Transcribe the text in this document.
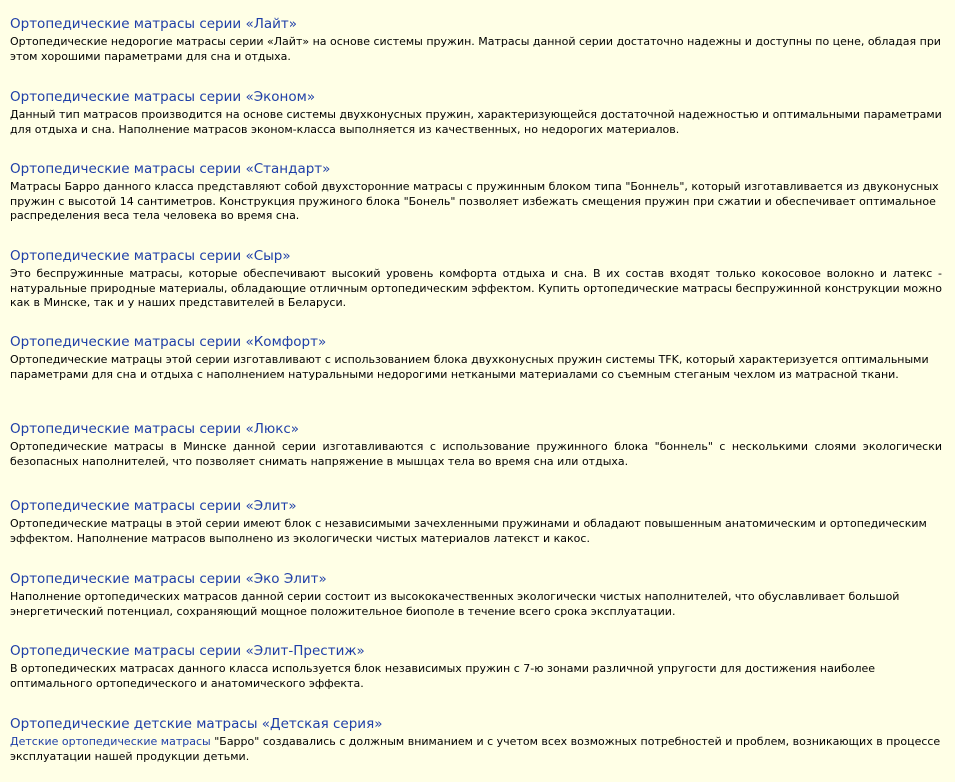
Ортопедические матрасы серии «Лайт»

Ортопедические недорогие матрасы серии «Лайт» на основе системы пружин. Матрасы данной серии достаточно надежны и доступны по цене, обладая при этом хорошими параметрами для сна и отдыха.

Ортопедические матрасы серии «Эконом»

Данный тип матрасов производится на основе системы двухконусных пружин, характеризующейся достаточной надежностью и оптимальными параметрами для отдыха и сна. Наполнение матрасов эконом-класса выполняется из качественных, но недорогих материалов.

Ортопедические матрасы серии «Стандарт»

Матрасы Барро данного класса представляют собой двухсторонние матрасы с пружинным блоком типа "Боннель", который изготавливается из двуконусных пружин с высотой 14 сантиметров. Конструкция пружиного блока "Бонель" позволяет избежать смещения пружин при сжатии и обеспечивает оптимальное распределения веса тела человека во время сна.

Ортопедические матрасы серии «Сыр»

Это беспружинные матрасы, которые обеспечивают высокий уровень комфорта отдыха и сна. В их состав входят только кокосовое волокно и латекс - натуральные природные материалы, обладающие отличным ортопедическим эффектом. Купить ортопедические матрасы беспружинной конструкции можно как в Минске, так и у наших представителей в Беларуси.

Ортопедические матрасы серии «Комфорт»

Ортопедические матрацы этой серии изготавливают с использованием блока двухконусных пружин системы TFK, который характеризуется оптимальными параметрами для сна и отдыха с наполнением натуральными недорогими неткаными материалами со съемным стеганым чехлом из матрасной ткани.

Ортопедические матрасы серии «Люкс»

Ортопедические матрасы в Минске данной серии изготавливаются с использование пружинного блока "боннель" с несколькими слоями экологически безопасных наполнителей, что позволяет снимать напряжение в мышцах тела во время сна или отдыха.

Ортопедические матрасы серии «Элит»

Ортопедические матрацы в этой серии имеют блок с независимыми зачехленными пружинами и обладают повышенным анатомическим и ортопедическим эффектом. Наполнение матрасов выполнено из экологически чистых материалов латекст и какос.

Ортопедические матрасы серии «Эко Элит»

Наполнение ортопедических матрасов данной серии состоит из высококачественных экологически чистых наполнителей, что обуславливает большой энергетический потенциал, сохраняющий мощное положительное биополе в течение всего срока эксплуатации.

Ортопедические матрасы серии «Элит-Престиж»

В ортопедических матрасах данного класса используется блок независимых пружин с 7-ю зонами различной упругости для достижения наиболее оптимального ортопедического и анатомического эффекта.

Ортопедические детские матрасы «Детская серия»

Детские ортопедические матрасы "Барро" создавались с должным вниманием и с учетом всех возможных потребностей и проблем, возникающих в процессе эксплуатации нашей продукции детьми.
